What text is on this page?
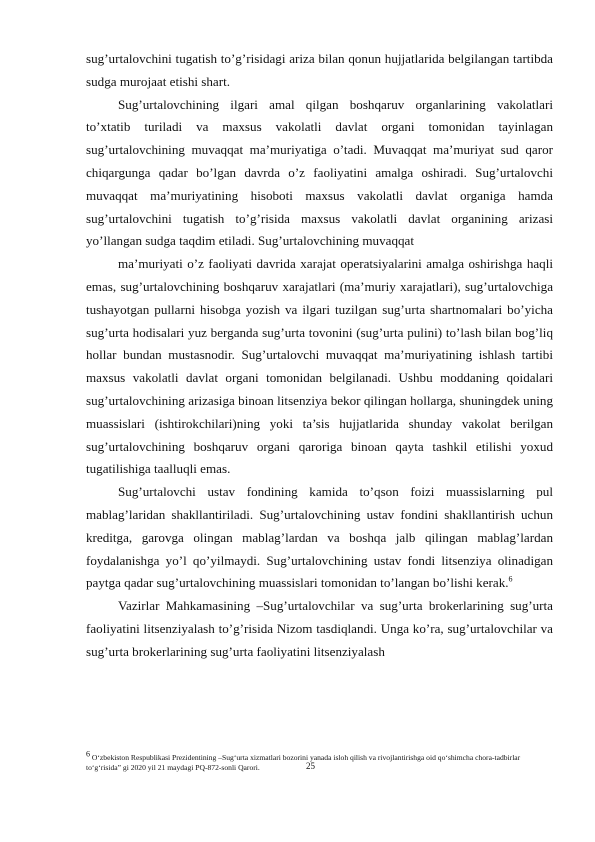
sug’urtalovchini tugatish to’g’risidagi ariza bilan qonun hujjatlarida belgilangan tartibda sudga murojaat etishi shart.

Sug’urtalovchining ilgari amal qilgan boshqaruv organlarining vakolatlari to’xtatib turiladi va maxsus vakolatli davlat organi tomonidan tayinlagan sug’urtalovchining muvaqqat ma’muriyatiga o’tadi. Muvaqqat ma’muriyat sud qaror chiqargunga qadar bo’lgan davrda o’z faoliyatini amalga oshiradi. Sug’urtalovchi muvaqqat ma’muriyatining hisoboti maxsus vakolatli davlat organiga hamda sug’urtalovchini tugatish to’g’risida maxsus vakolatli davlat organining arizasi yo’llangan sudga taqdim etiladi. Sug’urtalovchining muvaqqat

ma’muriyati o’z faoliyati davrida xarajat operatsiyalarini amalga oshirishga haqli emas, sug’urtalovchining boshqaruv xarajatlari (ma’muriy xarajatlari), sug’urtalovchiga tushayotgan pullarni hisobga yozish va ilgari tuzilgan sug’urta shartnomalari bo’yicha sug’urta hodisalari yuz berganda sug’urta tovonini (sug’urta pulini) to’lash bilan bog’liq hollar bundan mustasnodir. Sug’urtalovchi muvaqqat ma’muriyatining ishlash tartibi maxsus vakolatli davlat organi tomonidan belgilanadi. Ushbu moddaning qoidalari sug’urtalovchining arizasiga binoan litsenziya bekor qilingan hollarga, shuningdek uning muassislari (ishtirokchilari)ning yoki ta’sis hujjatlarida shunday vakolat berilgan sug’urtalovchining boshqaruv organi qaroriga binoan qayta tashkil etilishi yoxud tugatilishiga taalluqli emas.

Sug’urtalovchi ustav fondining kamida to’qson foizi muassislarning pul mablag’laridan shakllantiriladi. Sug’urtalovchining ustav fondini shakllantirish uchun kreditga, garovga olingan mablag’lardan va boshqa jalb qilingan mablag’lardan foydalanishga yo’l qo’yilmaydi. Sug’urtalovchining ustav fondi litsenziya olinadigan paytga qadar sug’urtalovchining muassislari tomonidan to’langan bo’lishi kerak.$^6$

Vazirlar Mahkamasining –Sug’urtalovchilar va sug’urta brokerlarining sug’urta faoliyatini litsenziyalash to’g’risida Nizom tasdiqlandi. Unga ko’ra, sug’urtalovchilar va sug’urta brokerlarining sug’urta faoliyatini litsenziyalash

$^6$ O‘zbekiston Respublikasi Prezidentining –Sug‘urta xizmatlari bozorini yanada isloh qilish va rivojlantirishga oid qo‘shimcha chora-tadbirlar to‘g‘risida” gi 2020 yil 21 maydagi PQ-872-sonli Qarori.	25
